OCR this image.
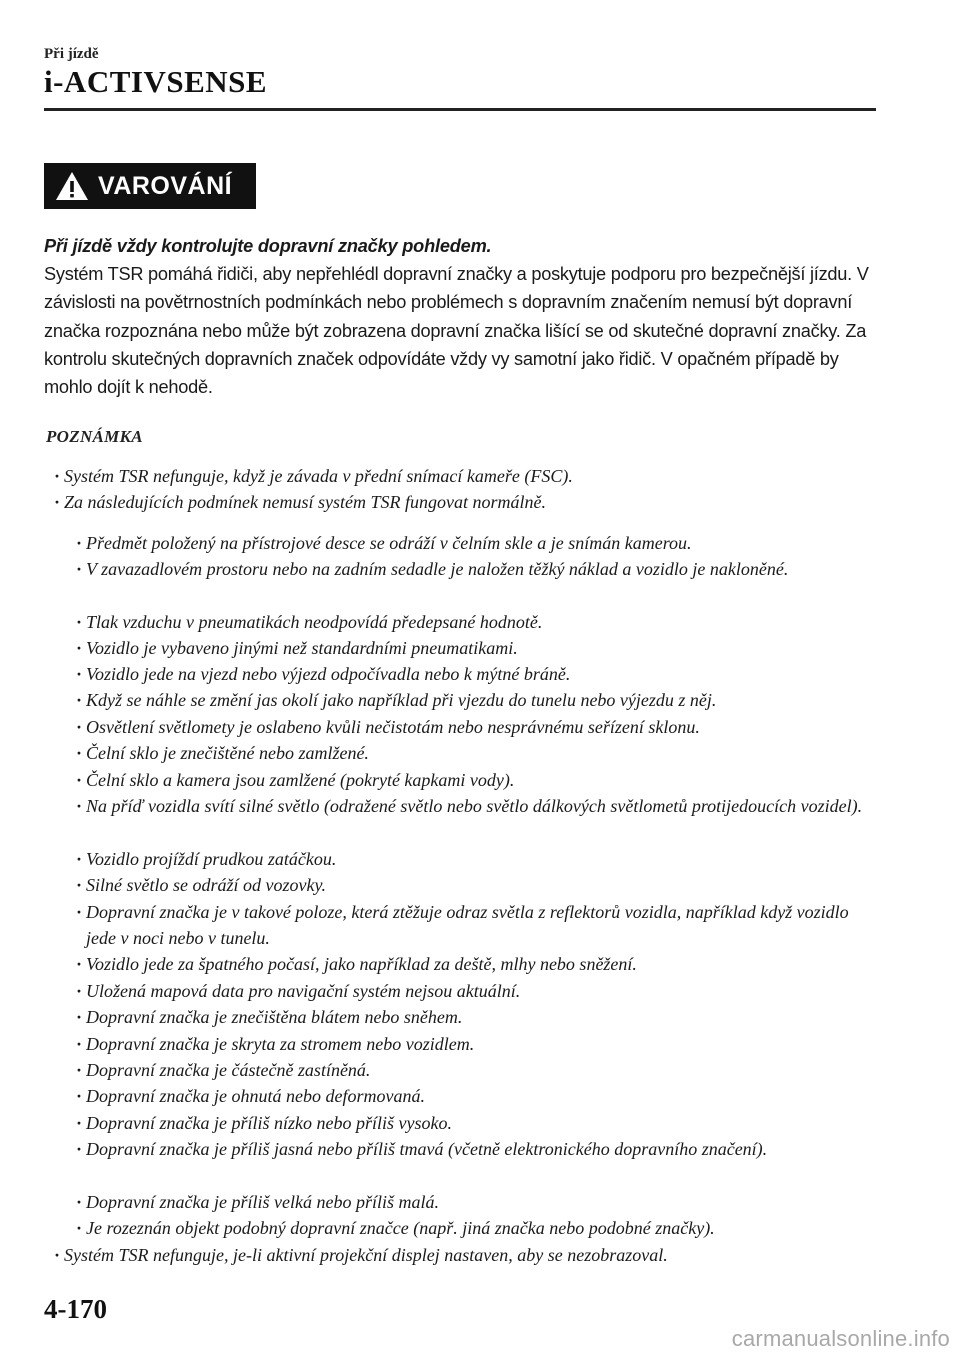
Při jízdě
i-ACTIVSENSE
VAROVÁNÍ
Při jízdě vždy kontrolujte dopravní značky pohledem.
Systém TSR pomáhá řidiči, aby nepřehlédl dopravní značky a poskytuje podporu pro bezpečnější jízdu. V závislosti na povětrnostních podmínkách nebo problémech s dopravním značením nemusí být dopravní značka rozpoznána nebo může být zobrazena dopravní značka lišící se od skutečné dopravní značky. Za kontrolu skutečných dopravních značek odpovídáte vždy vy samotní jako řidič. V opačném případě by mohlo dojít k nehodě.
POZNÁMKA
· Systém TSR nefunguje, když je závada v přední snímací kameře (FSC).
· Za následujících podmínek nemusí systém TSR fungovat normálně.
· Předmět položený na přístrojové desce se odráží v čelním skle a je snímán kamerou.
· V zavazadlovém prostoru nebo na zadním sedadle je naložen těžký náklad a vozidlo je nakloněné.
· Tlak vzduchu v pneumatikách neodpovídá předepsané hodnotě.
· Vozidlo je vybaveno jinými než standardními pneumatikami.
· Vozidlo jede na vjezd nebo výjezd odpočívadla nebo k mýtné bráně.
· Když se náhle se změní jas okolí jako například při vjezdu do tunelu nebo výjezdu z něj.
· Osvětlení světlomety je oslabeno kvůli nečistotám nebo nesprávnému seřízení sklonu.
· Čelní sklo je znečištěné nebo zamlžené.
· Čelní sklo a kamera jsou zamlžené (pokryté kapkami vody).
· Na příď vozidla svítí silné světlo (odražené světlo nebo světlo dálkových světlometů protijedoucích vozidel).
· Vozidlo projíždí prudkou zatáčkou.
· Silné světlo se odráží od vozovky.
· Dopravní značka je v takové poloze, která ztěžuje odraz světla z reflektorů vozidla, například když vozidlo jede v noci nebo v tunelu.
· Vozidlo jede za špatného počasí, jako například za deště, mlhy nebo sněžení.
· Uložená mapová data pro navigační systém nejsou aktuální.
· Dopravní značka je znečištěna blátem nebo sněhem.
· Dopravní značka je skryta za stromem nebo vozidlem.
· Dopravní značka je částečně zastíněná.
· Dopravní značka je ohnutá nebo deformovaná.
· Dopravní značka je příliš nízko nebo příliš vysoko.
· Dopravní značka je příliš jasná nebo příliš tmavá (včetně elektronického dopravního značení).
· Dopravní značka je příliš velká nebo příliš malá.
· Je rozeznán objekt podobný dopravní značce (např. jiná značka nebo podobné značky).
· Systém TSR nefunguje, je-li aktivní projekční displej nastaven, aby se nezobrazoval.
4-170
carmanualsonline.info
